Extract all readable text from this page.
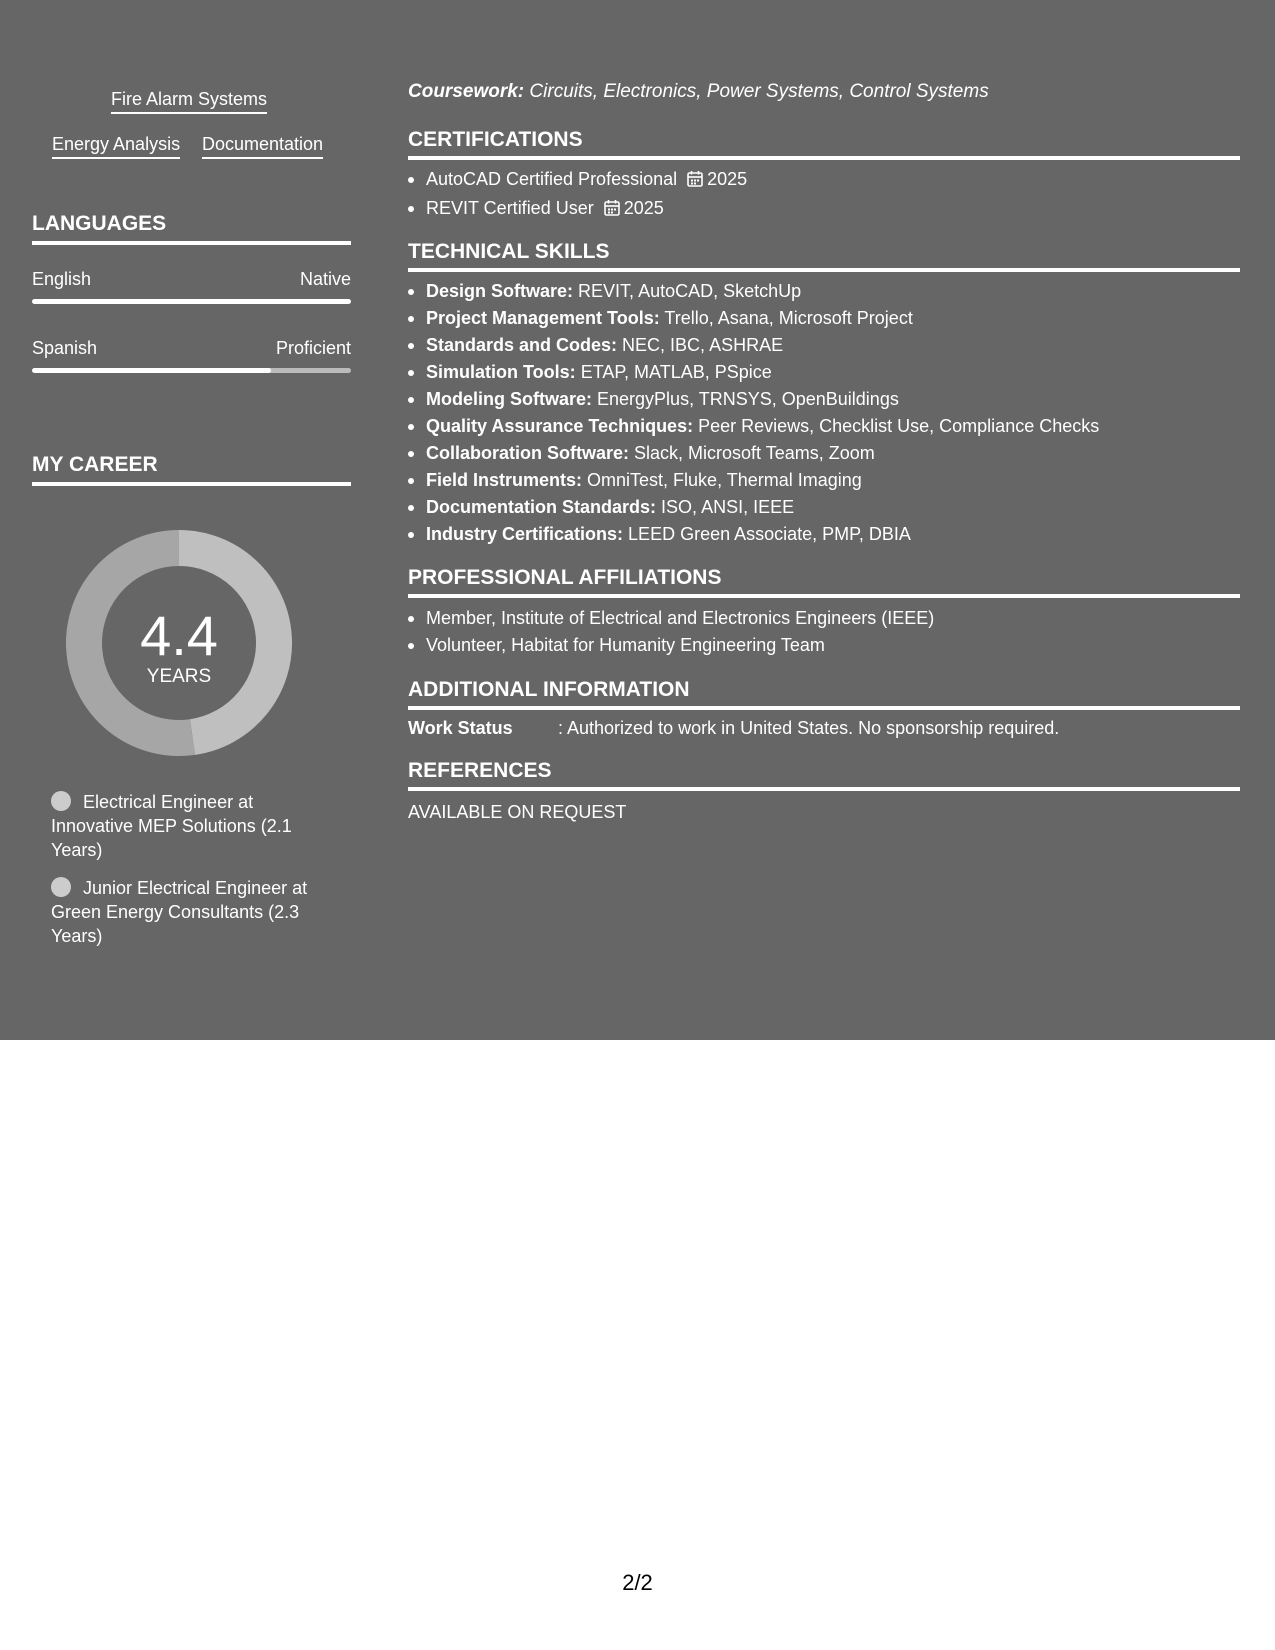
Fire Alarm Systems
Energy Analysis Documentation
LANGUAGES
English	Native
Spanish	Proficient
MY CAREER
4.4
YEARS
Electrical Engineer at Innovative MEP Solutions (2.1 Years)
Junior Electrical Engineer at Green Energy Consultants (2.3 Years)
Coursework: Circuits, Electronics, Power Systems, Control Systems
CERTIFICATIONS
AutoCAD Certified Professional 2025
REVIT Certified User 2025
TECHNICAL SKILLS
Design Software: REVIT, AutoCAD, SketchUp
Project Management Tools: Trello, Asana, Microsoft Project
Standards and Codes: NEC, IBC, ASHRAE
Simulation Tools: ETAP, MATLAB, PSpice
Modeling Software: EnergyPlus, TRNSYS, OpenBuildings
Quality Assurance Techniques: Peer Reviews, Checklist Use, Compliance Checks
Collaboration Software: Slack, Microsoft Teams, Zoom
Field Instruments: OmniTest, Fluke, Thermal Imaging
Documentation Standards: ISO, ANSI, IEEE
Industry Certifications: LEED Green Associate, PMP, DBIA
PROFESSIONAL AFFILIATIONS
Member, Institute of Electrical and Electronics Engineers (IEEE)
Volunteer, Habitat for Humanity Engineering Team
ADDITIONAL INFORMATION
Work Status	: Authorized to work in United States. No sponsorship required.
REFERENCES
AVAILABLE ON REQUEST
2/2
